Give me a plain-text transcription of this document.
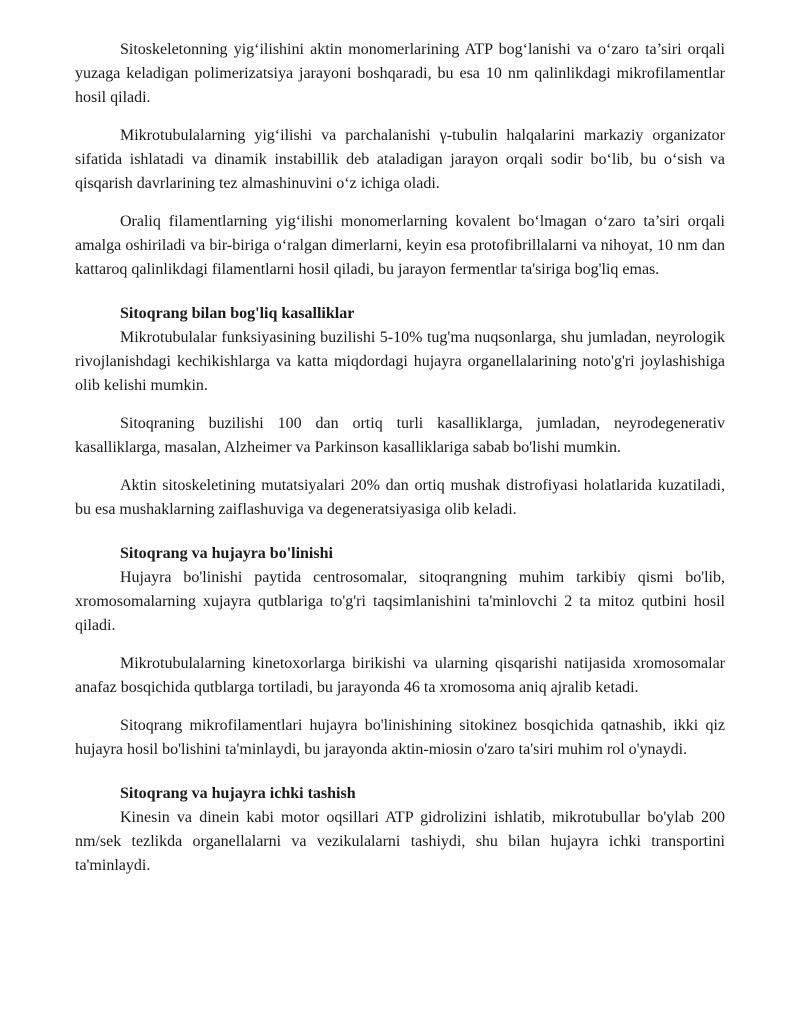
Sitoskeletonning yig‘ilishini aktin monomerlarining ATP bog‘lanishi va o‘zaro ta’siri orqali yuzaga keladigan polimerizatsiya jarayoni boshqaradi, bu esa 10 nm qalinlikdagi mikrofilamentlar hosil qiladi.

Mikrotubulalarning yig‘ilishi va parchalanishi γ-tubulin halqalarini markaziy organizator sifatida ishlatadi va dinamik instabillik deb ataladigan jarayon orqali sodir bo‘lib, bu o‘sish va qisqarish davrlarining tez almashinuvini o‘z ichiga oladi.

Oraliq filamentlarning yig‘ilishi monomerlarning kovalent bo‘lmagan o‘zaro ta’siri orqali amalga oshiriladi va bir-biriga o‘ralgan dimerlarni, keyin esa protofibrillalarni va nihoyat, 10 nm dan kattaroq qalinlikdagi filamentlarni hosil qiladi, bu jarayon fermentlar ta'siriga bog'liq emas.

Sitoqrang bilan bog'liq kasalliklar

Mikrotubulalar funksiyasining buzilishi 5-10% tug'ma nuqsonlarga, shu jumladan, neyrologik rivojlanishdagi kechikishlarga va katta miqdordagi hujayra organellalarining noto'g'ri joylashishiga olib kelishi mumkin.

Sitoqraning buzilishi 100 dan ortiq turli kasalliklarga, jumladan, neyrodegenerativ kasalliklarga, masalan, Alzheimer va Parkinson kasalliklariga sabab bo'lishi mumkin.

Aktin sitoskeletining mutatsiyalari 20% dan ortiq mushak distrofiyasi holatlarida kuzatiladi, bu esa mushaklarning zaiflashuviga va degeneratsiyasiga olib keladi.

Sitoqrang va hujayra bo'linishi

Hujayra bo'linishi paytida centrosomalar, sitoqrangning muhim tarkibiy qismi bo'lib, xromosomalarning xujayra qutblariga to'g'ri taqsimlanishini ta'minlovchi 2 ta mitoz qutbini hosil qiladi.

Mikrotubulalarning kinetoxorlarga birikishi va ularning qisqarishi natijasida xromosomalar anafaz bosqichida qutblarga tortiladi, bu jarayonda 46 ta xromosoma aniq ajralib ketadi.

Sitoqrang mikrofilamentlari hujayra bo'linishining sitokinez bosqichida qatnashib, ikki qiz hujayra hosil bo'lishini ta'minlaydi, bu jarayonda aktin-miosin o'zaro ta'siri muhim rol o'ynaydi.

Sitoqrang va hujayra ichki tashish

Kinesin va dinein kabi motor oqsillari ATP gidrolizini ishlatib, mikrotubullar bo'ylab 200 nm/sek tezlikda organellalarni va vezikulalarni tashiydi, shu bilan hujayra ichki transportini ta'minlaydi.
